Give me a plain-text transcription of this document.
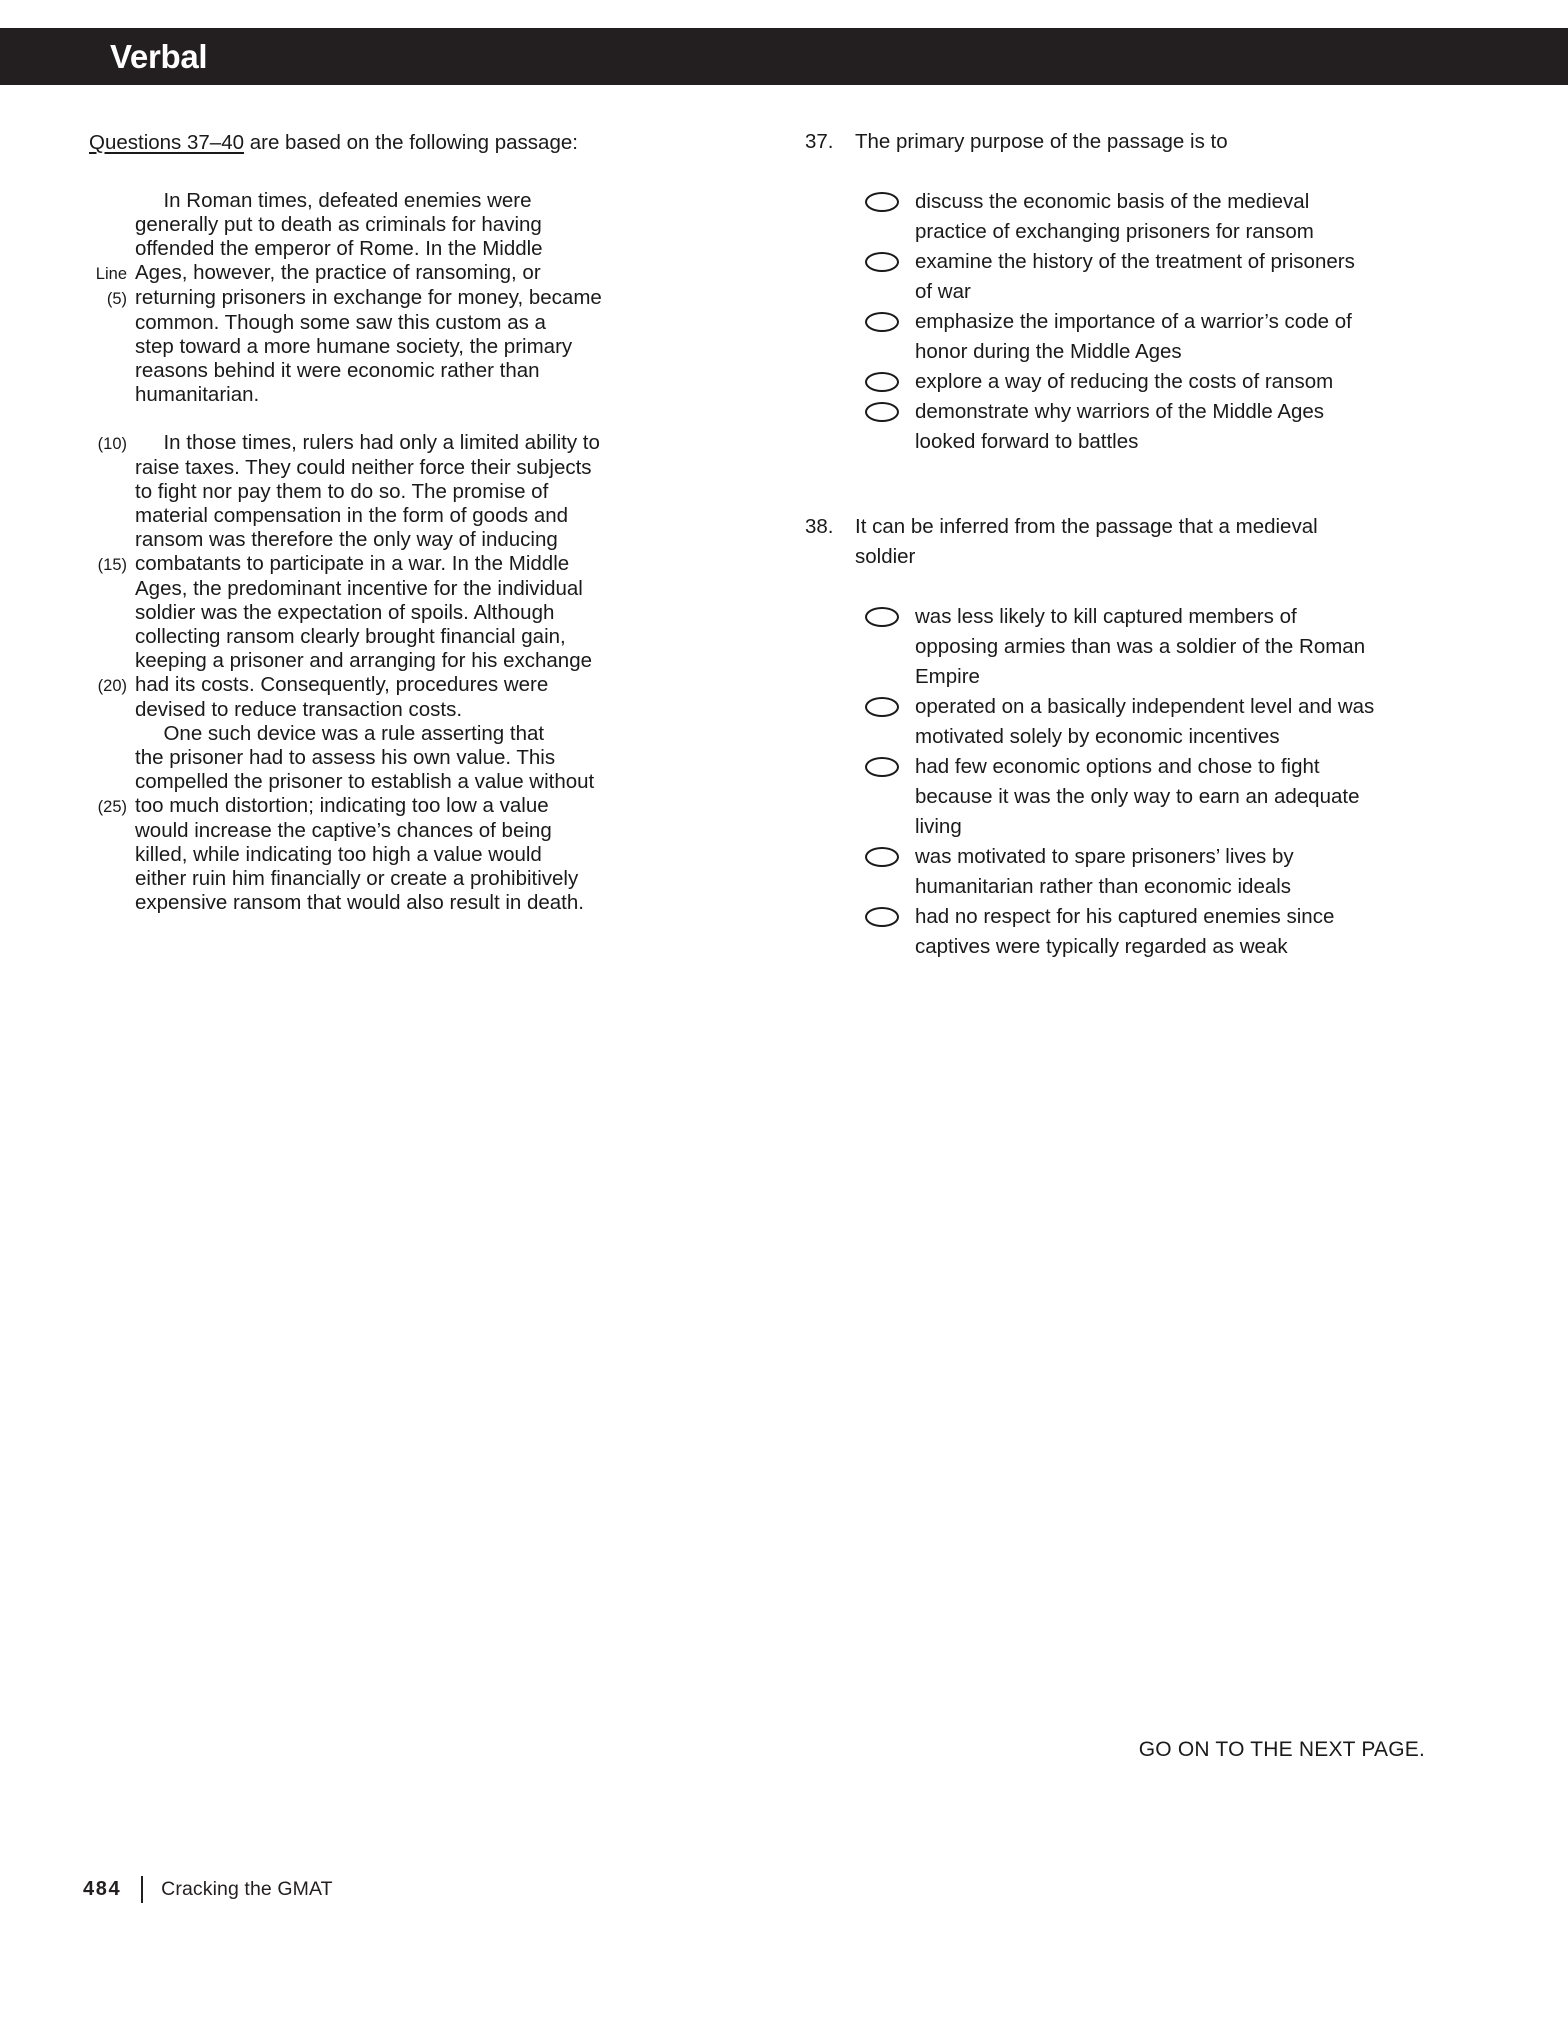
Verbal
Questions 37–40 are based on the following passage:
In Roman times, defeated enemies were
generally put to death as criminals for having
offended the emperor of Rome. In the Middle
Line Ages, however, the practice of ransoming, or
(5) returning prisoners in exchange for money, became
common. Though some saw this custom as a
step toward a more humane society, the primary
reasons behind it were economic rather than
humanitarian.
(10) In those times, rulers had only a limited ability to
raise taxes. They could neither force their subjects
to fight nor pay them to do so. The promise of
material compensation in the form of goods and
ransom was therefore the only way of inducing
(15) combatants to participate in a war. In the Middle
Ages, the predominant incentive for the individual
soldier was the expectation of spoils. Although
collecting ransom clearly brought financial gain,
keeping a prisoner and arranging for his exchange
(20) had its costs. Consequently, procedures were
devised to reduce transaction costs.
One such device was a rule asserting that
the prisoner had to assess his own value. This
compelled the prisoner to establish a value without
(25) too much distortion; indicating too low a value
would increase the captive’s chances of being
killed, while indicating too high a value would
either ruin him financially or create a prohibitively
expensive ransom that would also result in death.
37.	The primary purpose of the passage is to
discuss the economic basis of the medieval practice of exchanging prisoners for ransom
examine the history of the treatment of prisoners of war
emphasize the importance of a warrior’s code of honor during the Middle Ages
explore a way of reducing the costs of ransom
demonstrate why warriors of the Middle Ages looked forward to battles
38.	It can be inferred from the passage that a medieval soldier
was less likely to kill captured members of opposing armies than was a soldier of the Roman Empire
operated on a basically independent level and was motivated solely by economic incentives
had few economic options and chose to fight because it was the only way to earn an adequate living
was motivated to spare prisoners’ lives by humanitarian rather than economic ideals
had no respect for his captured enemies since captives were typically regarded as weak
GO ON TO THE NEXT PAGE.
484 Cracking the GMAT
